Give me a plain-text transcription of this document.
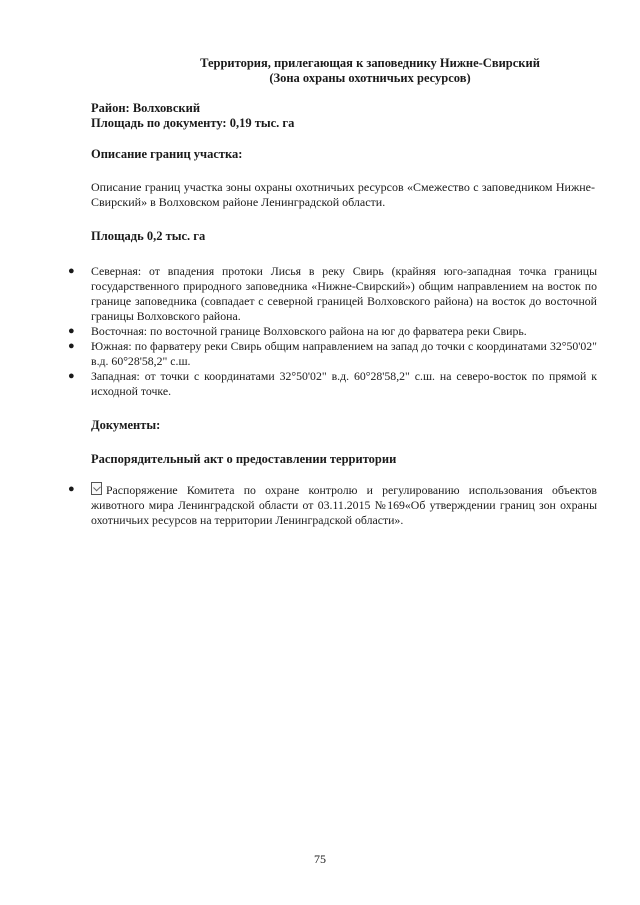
Территория, прилегающая к заповеднику Нижне-Свирский
(Зона охраны охотничьих ресурсов)
Район: Волховский
Площадь по документу: 0,19 тыс. га
Описание границ участка:
Описание границ участка зоны охраны охотничьих ресурсов «Смежество с заповедником Нижне-Свирский» в Волховском районе Ленинградской области.
Площадь 0,2 тыс. га
● Северная: от впадения протоки Лисья в реку Свирь (крайняя юго-западная точка границы государственного природного заповедника «Нижне-Свирский») общим направлением на восток по границе заповедника (совпадает с северной границей Волховского района) на восток до восточной границы Волховского района.
● Восточная: по восточной границе Волховского района на юг до фарватера реки Свирь.
● Южная: по фарватеру реки Свирь общим направлением на запад до точки с координатами 32°50'02" в.д. 60°28'58,2" с.ш.
● Западная: от точки с координатами 32°50'02" в.д. 60°28'58,2" с.ш. на северо-восток по прямой к исходной точке.
Документы:
Распорядительный акт о предоставлении территории
●	Распоряжение Комитета по охране контролю и регулированию использования объектов животного мира Ленинградской области от 03.11.2015 №169«Об утверждении границ зон охраны охотничьих ресурсов на территории Ленинградской области».
75
